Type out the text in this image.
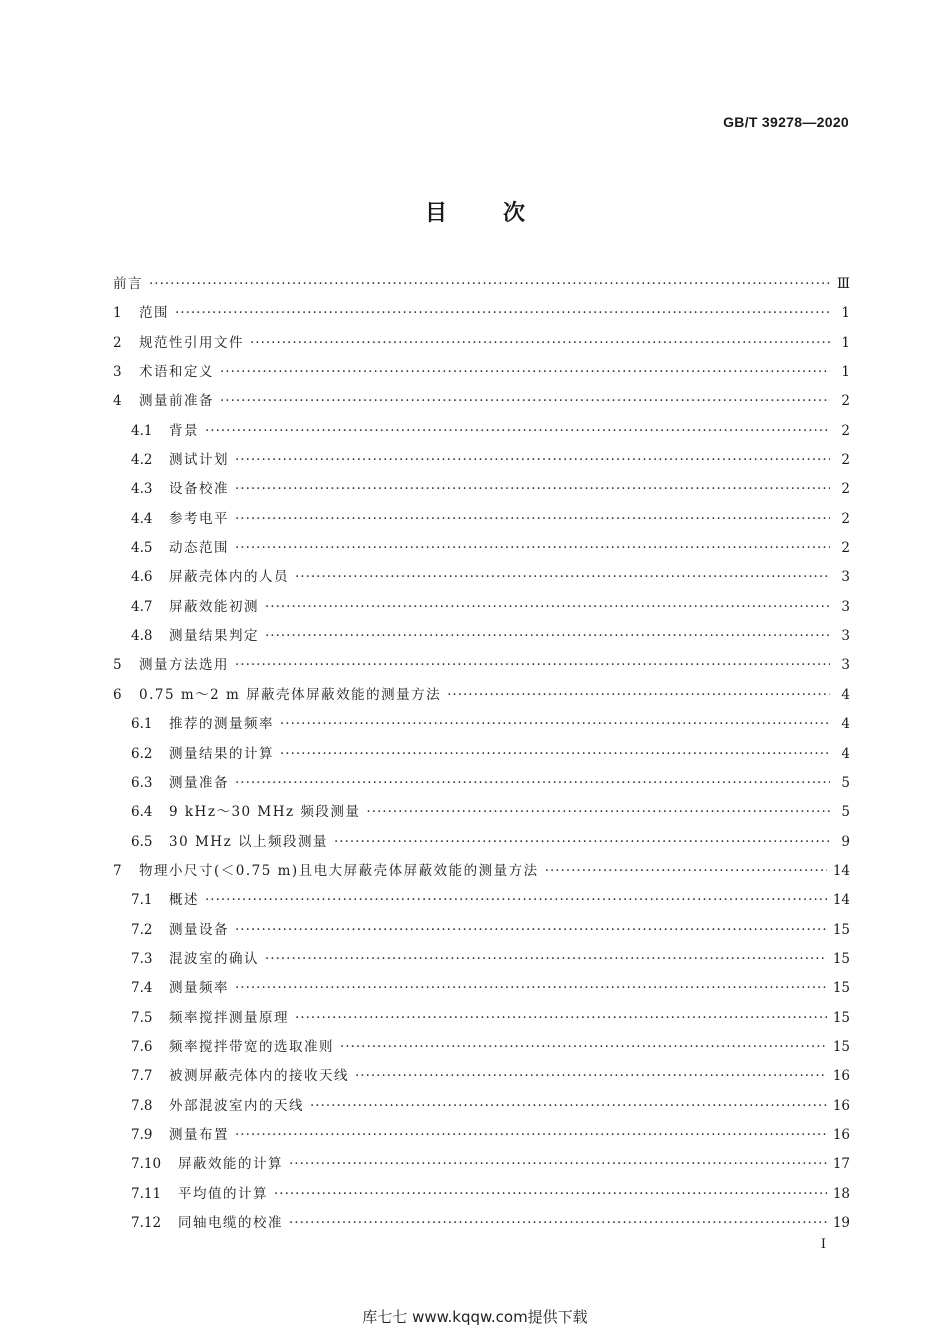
GB/T 39278—2020
目次
前言 ·····	Ⅲ
1	范围 ·····	1
2	规范性引用文件 ·····	1
3	术语和定义 ·····	1
4	测量前准备 ·····	2
4.1	背景 ·····	2
4.2	测试计划 ·····	2
4.3	设备校准 ·····	2
4.4	参考电平 ·····	2
4.5	动态范围 ·····	2
4.6	屏蔽壳体内的人员 ·····	3
4.7	屏蔽效能初测 ·····	3
4.8	测量结果判定 ·····	3
5	测量方法选用 ·····	3
6	0.75 m～2 m 屏蔽壳体屏蔽效能的测量方法 ·····	4
6.1	推荐的测量频率 ·····	4
6.2	测量结果的计算 ·····	4
6.3	测量准备 ·····	5
6.4	9 kHz～30 MHz 频段测量 ·····	5
6.5	30 MHz 以上频段测量 ·····	9
7	物理小尺寸(＜0.75 m)且电大屏蔽壳体屏蔽效能的测量方法 ·····	14
7.1	概述 ·····	14
7.2	测量设备 ·····	15
7.3	混波室的确认 ·····	15
7.4	测量频率 ·····	15
7.5	频率搅拌测量原理 ·····	15
7.6	频率搅拌带宽的选取准则 ·····	15
7.7	被测屏蔽壳体内的接收天线 ·····	16
7.8	外部混波室内的天线 ·····	16
7.9	测量布置 ·····	16
7.10	屏蔽效能的计算 ·····	17
7.11	平均值的计算 ·····	18
7.12	同轴电缆的校准 ·····	19
I
库七七 www.kqqw.com提供下载
